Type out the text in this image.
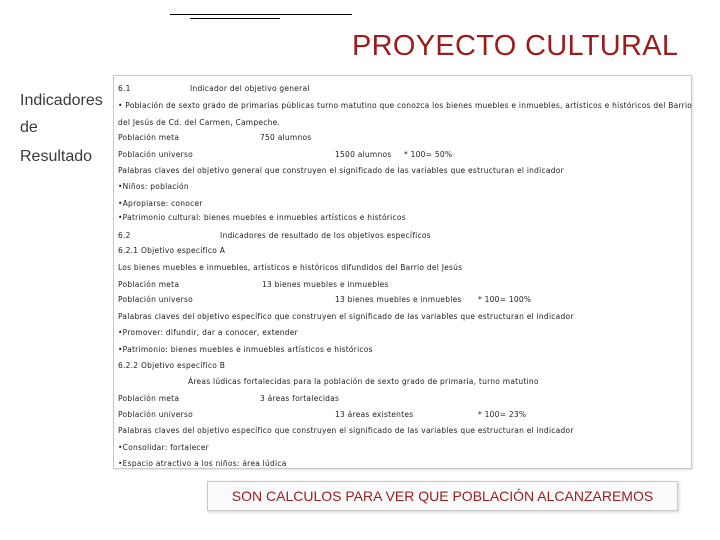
PROYECTO CULTURAL
Indicadores
de
Resultado
6.1	Indicador del objetivo general
• Población de sexto grado de primarias públicas turno matutino que conozca los bienes muebles e inmuebles, artísticos e históricos del Barrio
del Jesús de Cd. del Carmen, Campeche.
Población meta	750 alumnos
Población universo	1500 alumnos * 100= 50%
Palabras claves del objetivo general que construyen el significado de las variables que estructuran el indicador
•Niños: población
•Apropiarse: conocer
•Patrimonio cultural: bienes muebles e inmuebles artísticos e históricos
6.2	Indicadores de resultado de los objetivos específicos
6.2.1 Objetivo específico A
Los bienes muebles e inmuebles, artísticos e históricos difundidos del Barrio del Jesús
Población meta	13 bienes muebles e inmuebles
Población universo	13 bienes muebles e inmuebles * 100= 100%
Palabras claves del objetivo específico que construyen el significado de las variables que estructuran el indicador
•Promover: difundir, dar a conocer, extender
•Patrimonio: bienes muebles e inmuebles artísticos e históricos
6.2.2 Objetivo específico B
Áreas lúdicas fortalecidas para la población de sexto grado de primaria, turno matutino
Población meta	3 áreas fortalecidas
Población universo	13 áreas existentes	* 100= 23%
Palabras claves del objetivo específico que construyen el significado de las variables que estructuran el indicador
•Consolidar: fortalecer
•Espacio atractivo a los niños: área lúdica
SON CALCULOS PARA VER QUE POBLACIÓN ALCANZAREMOS
